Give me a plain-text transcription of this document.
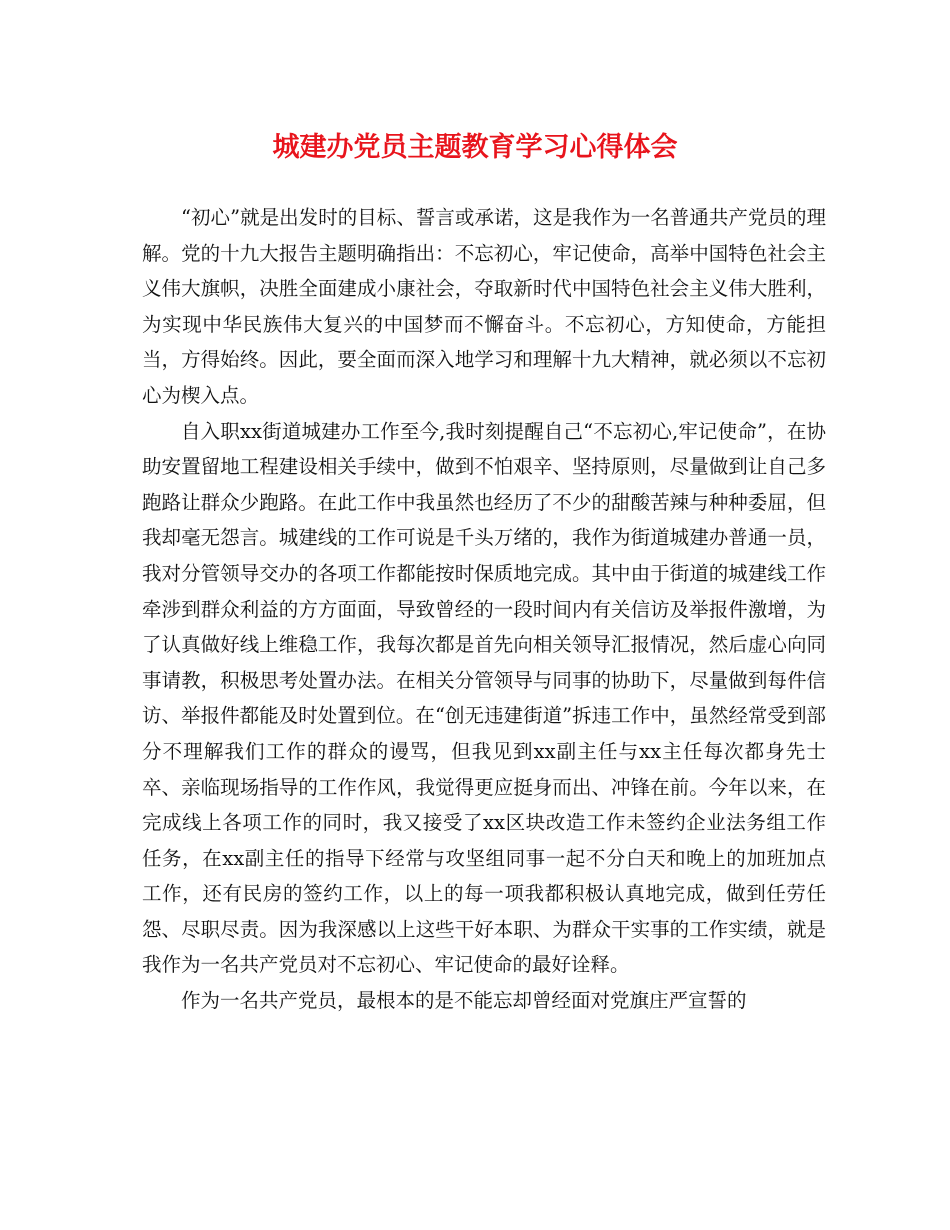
城建办党员主题教育学习心得体会

“初心”就是出发时的目标、誓言或承诺，这是我作为一名普通共产党员的理解。党的十九大报告主题明确指出：不忘初心，牢记使命，高举中国特色社会主义伟大旗帜，决胜全面建成小康社会，夺取新时代中国特色社会主义伟大胜利，为实现中华民族伟大复兴的中国梦而不懈奋斗。不忘初心，方知使命，方能担当，方得始终。因此，要全面而深入地学习和理解十九大精神，就必须以不忘初心为楔入点。

自入职xx街道城建办工作至今,我时刻提醒自己“不忘初心,牢记使命”，在协助安置留地工程建设相关手续中，做到不怕艰辛、坚持原则，尽量做到让自己多跑路让群众少跑路。在此工作中我虽然也经历了不少的甜酸苦辣与种种委屈，但我却毫无怨言。城建线的工作可说是千头万绪的，我作为街道城建办普通一员，我对分管领导交办的各项工作都能按时保质地完成。其中由于街道的城建线工作牵涉到群众利益的方方面面，导致曾经的一段时间内有关信访及举报件激增，为了认真做好线上维稳工作，我每次都是首先向相关领导汇报情况，然后虚心向同事请教，积极思考处置办法。在相关分管领导与同事的协助下，尽量做到每件信访、举报件都能及时处置到位。在“创无违建街道”拆违工作中，虽然经常受到部分不理解我们工作的群众的谩骂，但我见到xx副主任与xx主任每次都身先士卒、亲临现场指导的工作作风，我觉得更应挺身而出、冲锋在前。今年以来，在完成线上各项工作的同时，我又接受了xx区块改造工作未签约企业法务组工作任务，在xx副主任的指导下经常与攻坚组同事一起不分白天和晚上的加班加点工作，还有民房的签约工作，以上的每一项我都积极认真地完成，做到任劳任怨、尽职尽责。因为我深感以上这些干好本职、为群众干实事的工作实绩，就是我作为一名共产党员对不忘初心、牢记使命的最好诠释。

作为一名共产党员，最根本的是不能忘却曾经面对党旗庄严宣誓的
